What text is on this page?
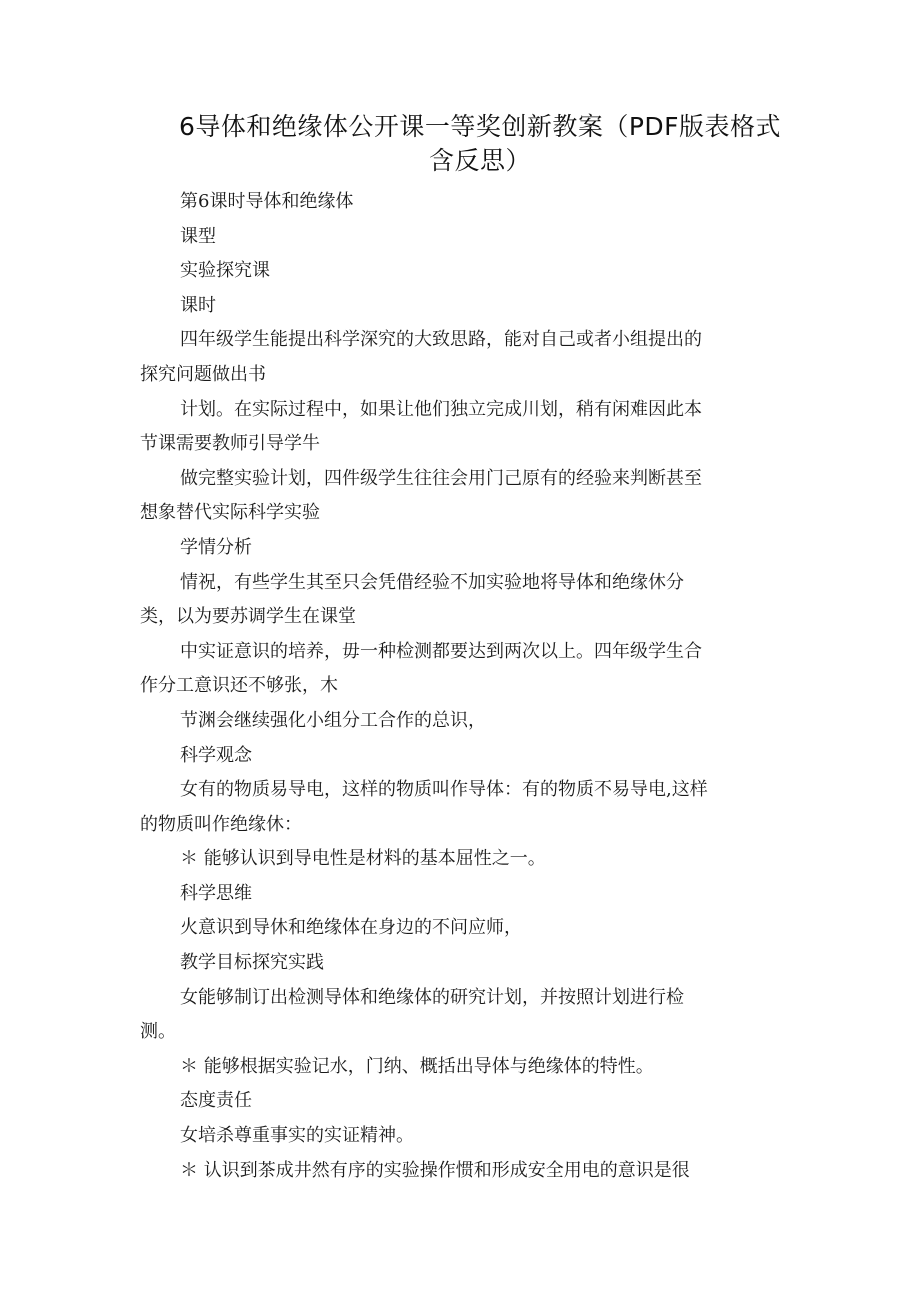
6导体和绝缘体公开课一等奖创新教案（PDF版表格式
含反思）
第6课时导体和绝缘体
课型
实验探究课
课时
四年级学生能提出科学深究的大致思路，能对自己或者小组提出的
探究问题做出书
计划。在实际过程中，如果让他们独立完成川划，稍有闲难因此本
节课需要教师引导学牛
做完整实验计划，四件级学生往往会用门己原有的经验来判断甚至
想象替代实际科学实验
学情分析
情祝，有些学生其至只会凭借经验不加实验地将导体和绝缘休分
类，以为要苏调学生在课堂
中实证意识的培养，毋一种检测都要达到两次以上。四年级学生合
作分工意识还不够张，木
节渊会继续强化小组分工合作的总识，
科学观念
女有的物质易导电，这样的物质叫作导体：有的物质不易导电,这样
的物质叫作绝缘休：
＊ 能够认识到导电性是材料的基本屈性之一。
科学思维
火意识到导休和绝缘体在身边的不问应师，
教学目标探究实践
女能够制订出检测导体和绝缘体的研究计划，并按照计划进行检
测。
＊ 能够根据实验记水，门纳、概括出导体与绝缘体的特性。
态度责任
女培杀尊重事实的实证精神。
＊ 认识到茶成井然有序的实验操作惯和形成安全用电的意识是很
